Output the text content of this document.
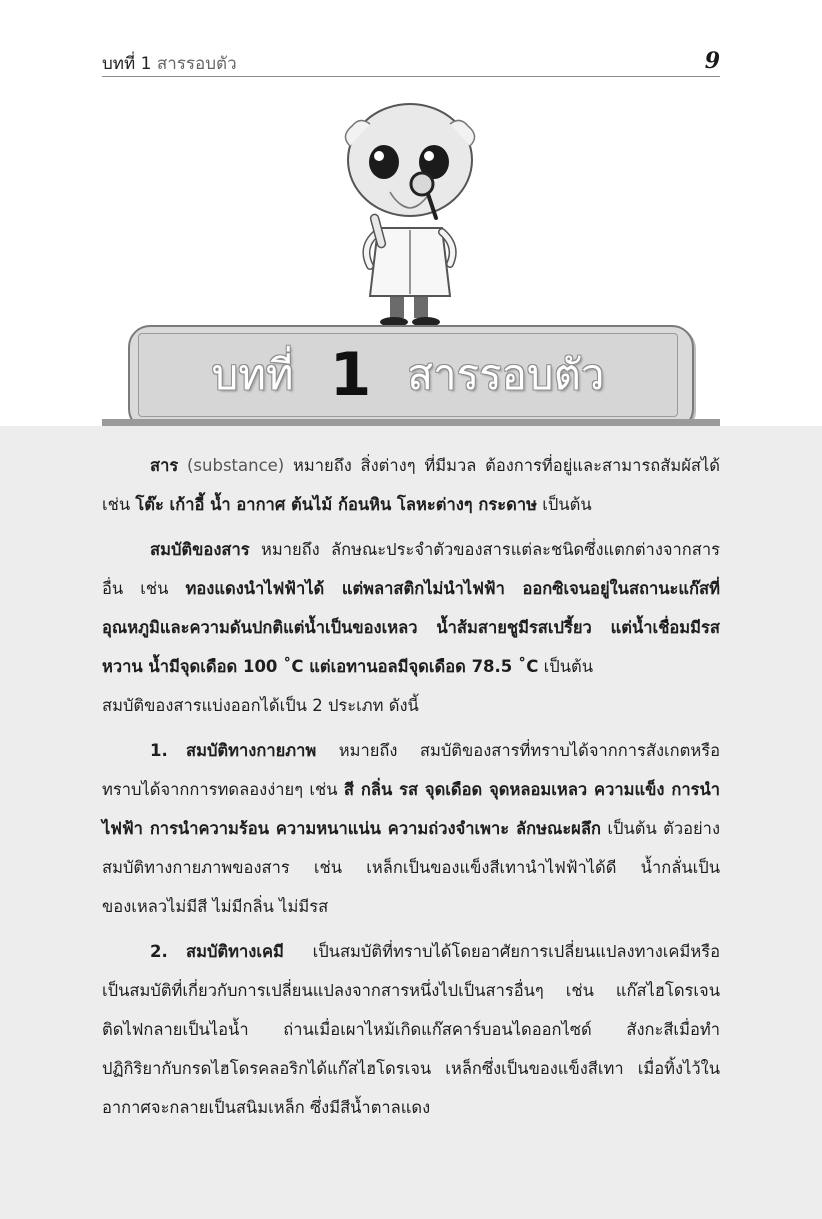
บทที่ 1 สารรอบตัว	9
บทที่ 1 สารรอบตัว

สาร (substance) หมายถึง สิ่งต่างๆ ที่มีมวล ต้องการที่อยู่และสามารถสัมผัสได้ เช่น โต๊ะ เก้าอี้ น้ำ อากาศ ต้นไม้ ก้อนหิน โลหะต่างๆ กระดาษ เป็นต้น

สมบัติของสาร หมายถึง ลักษณะประจำตัวของสารแต่ละชนิดซึ่งแตกต่างจากสารอื่น เช่น ทองแดงนำไฟฟ้าได้ แต่พลาสติกไม่นำไฟฟ้า ออกซิเจนอยู่ในสถานะแก๊สที่อุณหภูมิและความดันปกติแต่น้ำเป็นของเหลว น้ำส้มสายชูมีรสเปรี้ยว แต่น้ำเชื่อมมีรสหวาน น้ำมีจุดเดือด 100 ˚C แต่เอทานอลมีจุดเดือด 78.5 ˚C เป็นต้น

สมบัติของสารแบ่งออกได้เป็น 2 ประเภท ดังนี้

1. สมบัติทางกายภาพ หมายถึง สมบัติของสารที่ทราบได้จากการสังเกตหรือทราบได้จากการทดลองง่ายๆ เช่น สี กลิ่น รส จุดเดือด จุดหลอมเหลว ความแข็ง การนำไฟฟ้า การนำความร้อน ความหนาแน่น ความถ่วงจำเพาะ ลักษณะผลึก เป็นต้น ตัวอย่างสมบัติทางกายภาพของสาร เช่น เหล็กเป็นของแข็งสีเทานำไฟฟ้าได้ดี น้ำกลั่นเป็นของเหลวไม่มีสี ไม่มีกลิ่น ไม่มีรส

2. สมบัติทางเคมี เป็นสมบัติที่ทราบได้โดยอาศัยการเปลี่ยนแปลงทางเคมีหรือเป็นสมบัติที่เกี่ยวกับการเปลี่ยนแปลงจากสารหนึ่งไปเป็นสารอื่นๆ เช่น แก๊สไฮโดรเจนติดไฟกลายเป็นไอน้ำ ถ่านเมื่อเผาไหม้เกิดแก๊สคาร์บอนไดออกไซด์ สังกะสีเมื่อทำปฏิกิริยากับกรดไฮโดรคลอริกได้แก๊สไฮโดรเจน เหล็กซึ่งเป็นของแข็งสีเทา เมื่อทิ้งไว้ในอากาศจะกลายเป็นสนิมเหล็ก ซึ่งมีสีน้ำตาลแดง
